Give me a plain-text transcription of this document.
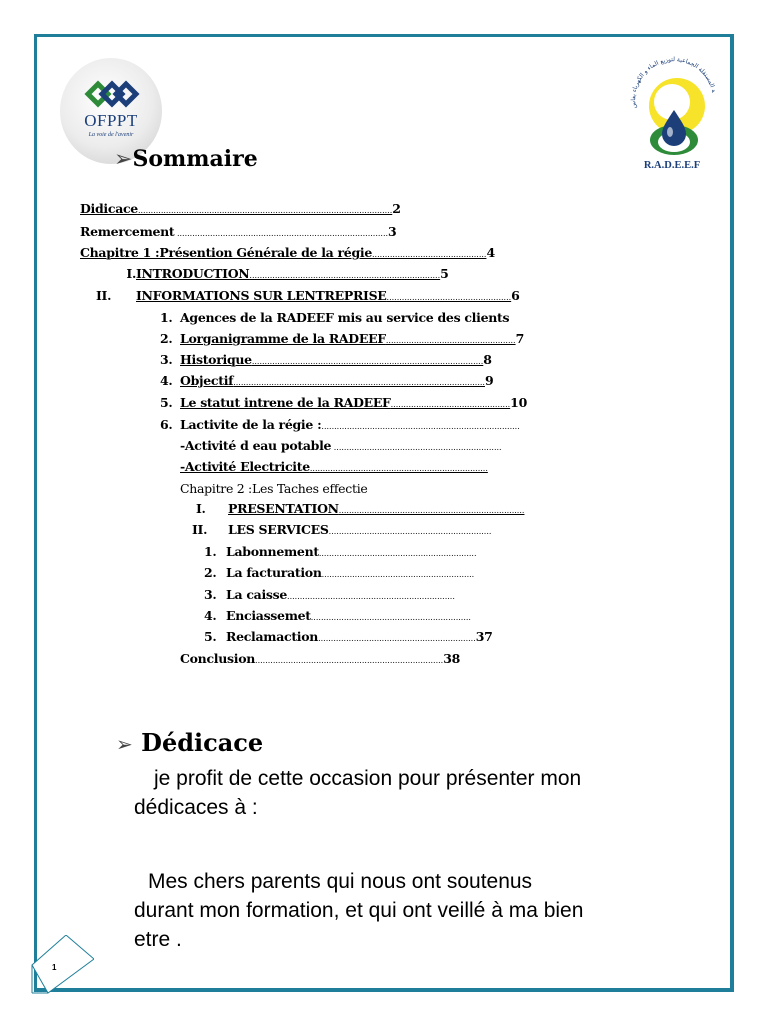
OFPPT
La voie de l'avenir
ة المستقلة الجماعية لتوزيع الماء و الكهرباء بفاس
R.A.D.E.E.F
➢Sommaire
Didicace....................................................................................................2
Remercement ...................................................................................3
Chapitre 1 :Présention Générale de la régie.............................................4
I. INTRODUCTION...........................................................................5
II. INFORMATIONS SUR LENTREPRISE.................................................6
1. Agences de la RADEEF mis au service des clients
2. Lorganigramme de la RADEEF...................................................7
3. Historique...........................................................................................8
4. Objectif...................................................................................................9
5. Le statut intrene de la RADEEF...............................................10
6. Lactivite de la régie :..............................................................................
-Activité d eau potable ..................................................................
-Activité Electricite......................................................................
Chapitre 2 :Les Taches effectie
I. PRESENTATION.........................................................................
II. LES SERVICES................................................................
1. Labonnement..............................................................
2. La facturation............................................................
3. La caisse..................................................................
4. Enciassemet...............................................................
5. Reclamaction..............................................................37
Conclusion..........................................................................38
➢ Dédicace
je profit de cette occasion pour présenter mon
dédicaces à :
Mes chers parents qui nous ont soutenus
durant mon formation, et qui ont veillé à ma bien
etre .
1
